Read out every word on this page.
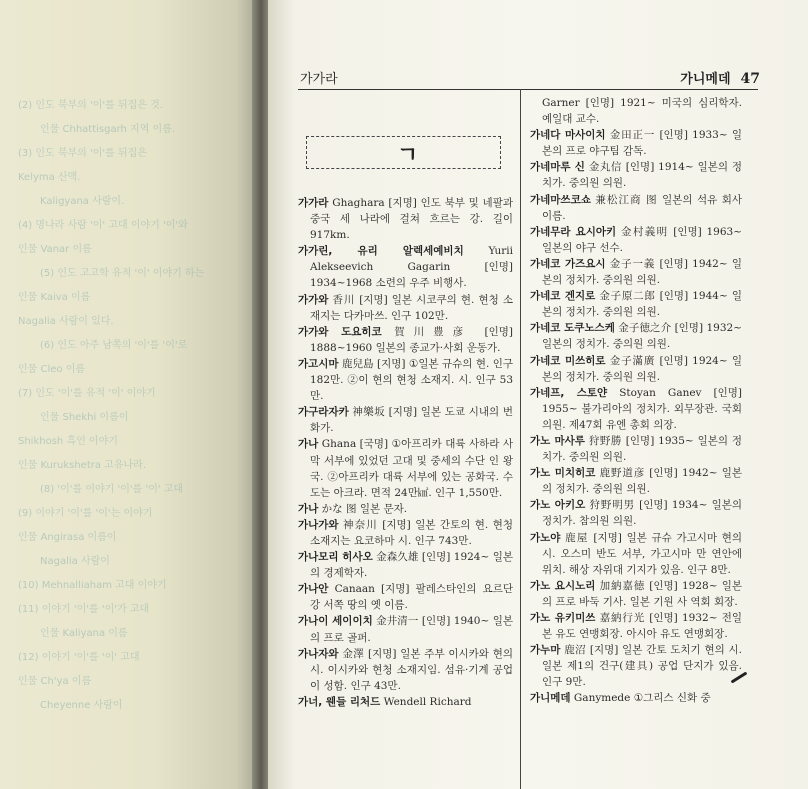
(2) 인도 북부의 '이'를 뒤집은 것.
인물 Chhattisgarh 지역 이름.
(3) 인도 북부의 '이'를 뒤집은
Kelyma 산맥.
Kaligyana 사람이.
(4) 명나라 사람 '이' 고대 이야기 '이'와
인물 Vanar 이름
(5) 인도 고고학 유적 '이' 이야기 하는
인물 Kaiva 이름
Nagalia 사람이 있다.
(6) 인도 아주 남쪽의 '이'를 '이'로
인물 Cleo 이름
(7) 인도 '이'를 유적 '이' 이야기
인물 Shekhi 이름이
Shikhosh 흑인 이야기
인물 Kurukshetra 고유나라.
(8) '이'를 이야기 '이'를 '이' 고대
(9) 이야기 '이'를 '이'는 이야기
인물 Angirasa 이름이
Nagalia 사람이
(10) Mehnalliaham 고대 이야기
(11) 이야기 '이'를 '이'가 고대
인물 Kaliyana 이름
(12) 이야기 '이'를 '이' 고대
인물 Ch'ya 이름
Cheyenne 사람이
가가라	가니메데 47
ㄱ

가가라 Ghaghara [지명] 인도 북부 및 네팔과 중국 세 나라에 걸쳐 흐르는 강. 길이 917km.

가가린, 유리 알렉세예비치 Yurii Alekseevich Gagarin [인명] 1934~1968 소련의 우주 비행사.

가가와 香川 [지명] 일본 시코쿠의 현. 현청 소재지는 다카마쓰. 인구 102만.

가가와 도요히코 賀川豊彦 [인명] 1888~1960 일본의 종교가·사회 운동가.

가고시마 鹿兒島 [지명] ①일본 규슈의 현. 인구 182만. ②이 현의 현청 소재지. 시. 인구 53만.

가구라자카 神樂坂 [지명] 일본 도쿄 시내의 번화가.

가나 Ghana [국명] ①아프리카 대륙 사하라 사막 서부에 있었던 고대 및 중세의 수단 인 왕국. ②아프리카 대륙 서부에 있는 공화국. 수도는 아크라. 면적 24만㎢. 인구 1,550만.

가나 かな 图 일본 문자.

가나가와 神奈川 [지명] 일본 간토의 현. 현청 소재지는 요코하마 시. 인구 743만.

가나모리 히사오 金森久雄 [인명] 1924~ 일본의 경제학자.

가나안 Canaan [지명] 팔레스타인의 요르단 강 서쪽 땅의 옛 이름.

가나이 세이이치 金井清一 [인명] 1940~ 일본의 프로 골퍼.

가나자와 金澤 [지명] 일본 주부 이시카와 현의 시. 이시카와 현청 소재지임. 섬유·기계 공업이 성함. 인구 43만.

가너, 웬들 리처드 Wendell Richard

Garner [인명] 1921~ 미국의 심리학자. 예일대 교수.

가네다 마사이치 金田正一 [인명] 1933~ 일본의 프로 야구팀 감독.

가네마루 신 金丸信 [인명] 1914~ 일본의 정치가. 중의원 의원.

가네마쓰코쇼 兼松江商 图 일본의 석유 회사 이름.

가네무라 요시아키 金村義明 [인명] 1963~ 일본의 야구 선수.

가네코 가즈요시 金子一義 [인명] 1942~ 일본의 정치가. 중의원 의원.

가네코 겐지로 金子原二郎 [인명] 1944~ 일본의 정치가. 중의원 의원.

가네코 도쿠노스케 金子徳之介 [인명] 1932~ 일본의 정치가. 중의원 의원.

가네코 미쓰히로 金子滿廣 [인명] 1924~ 일본의 정치가. 중의원 의원.

가네프, 스토얀 Stoyan Ganev [인명] 1955~ 불가리아의 정치가. 외무장관. 국회의원. 제47회 유엔 총회 의장.

가노 마사루 狩野勝 [인명] 1935~ 일본의 정치가. 중의원 의원.

가노 미치히코 鹿野道彦 [인명] 1942~ 일본의 정치가. 중의원 의원.

가노 아키오 狩野明男 [인명] 1934~ 일본의 정치가. 참의원 의원.

가노야 鹿屋 [지명] 일본 규슈 가고시마 현의 시. 오스미 반도 서부, 가고시마 만 연안에 위치. 해상 자위대 기지가 있음. 인구 8만.

가노 요시노리 加納嘉徳 [인명] 1928~ 일본의 프로 바둑 기사. 일본 기원 사 역회 회장.

가노 유키미쓰 嘉納行光 [인명] 1932~ 전일본 유도 연맹회장. 아시아 유도 연맹회장.

가누마 鹿沼 [지명] 일본 간토 도치기 현의 시. 일본 제1의 건구(建具) 공업 단지가 있음. 인구 9만.

가니메데 Ganymede ①그리스 신화 중
